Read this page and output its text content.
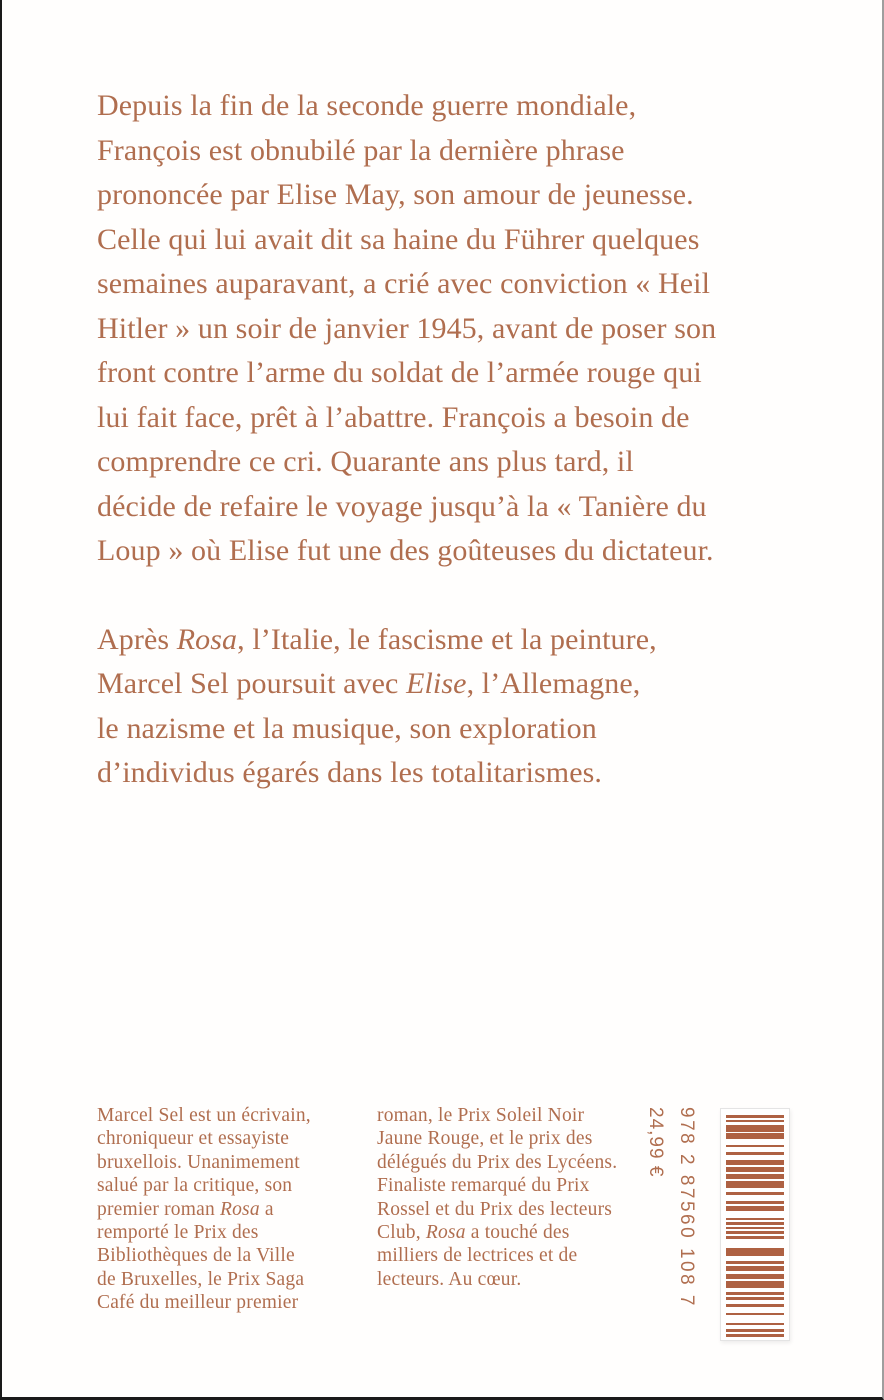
Depuis la fin de la seconde guerre mondiale,
François est obnubilé par la dernière phrase
prononcée par Elise May, son amour de jeunesse.
Celle qui lui avait dit sa haine du Führer quelques
semaines auparavant, a crié avec conviction « Heil
Hitler » un soir de janvier 1945, avant de poser son
front contre l’arme du soldat de l’armée rouge qui
lui fait face, prêt à l’abattre. François a besoin de
comprendre ce cri. Quarante ans plus tard, il
décide de refaire le voyage jusqu’à la « Tanière du
Loup » où Elise fut une des goûteuses du dictateur.
Après Rosa, l’Italie, le fascisme et la peinture,
Marcel Sel poursuit avec Elise, l’Allemagne,
le nazisme et la musique, son exploration
d’individus égarés dans les totalitarismes.
Marcel Sel est un écrivain,
chroniqueur et essayiste
bruxellois. Unanimement
salué par la critique, son
premier roman Rosa a
remporté le Prix des
Bibliothèques de la Ville
de Bruxelles, le Prix Saga
Café du meilleur premier
roman, le Prix Soleil Noir
Jaune Rouge, et le prix des
délégués du Prix des Lycéens.
Finaliste remarqué du Prix
Rossel et du Prix des lecteurs
Club, Rosa a touché des
milliers de lectrices et de
lecteurs. Au cœur.	978 2 87560 108 7
24,99 €
